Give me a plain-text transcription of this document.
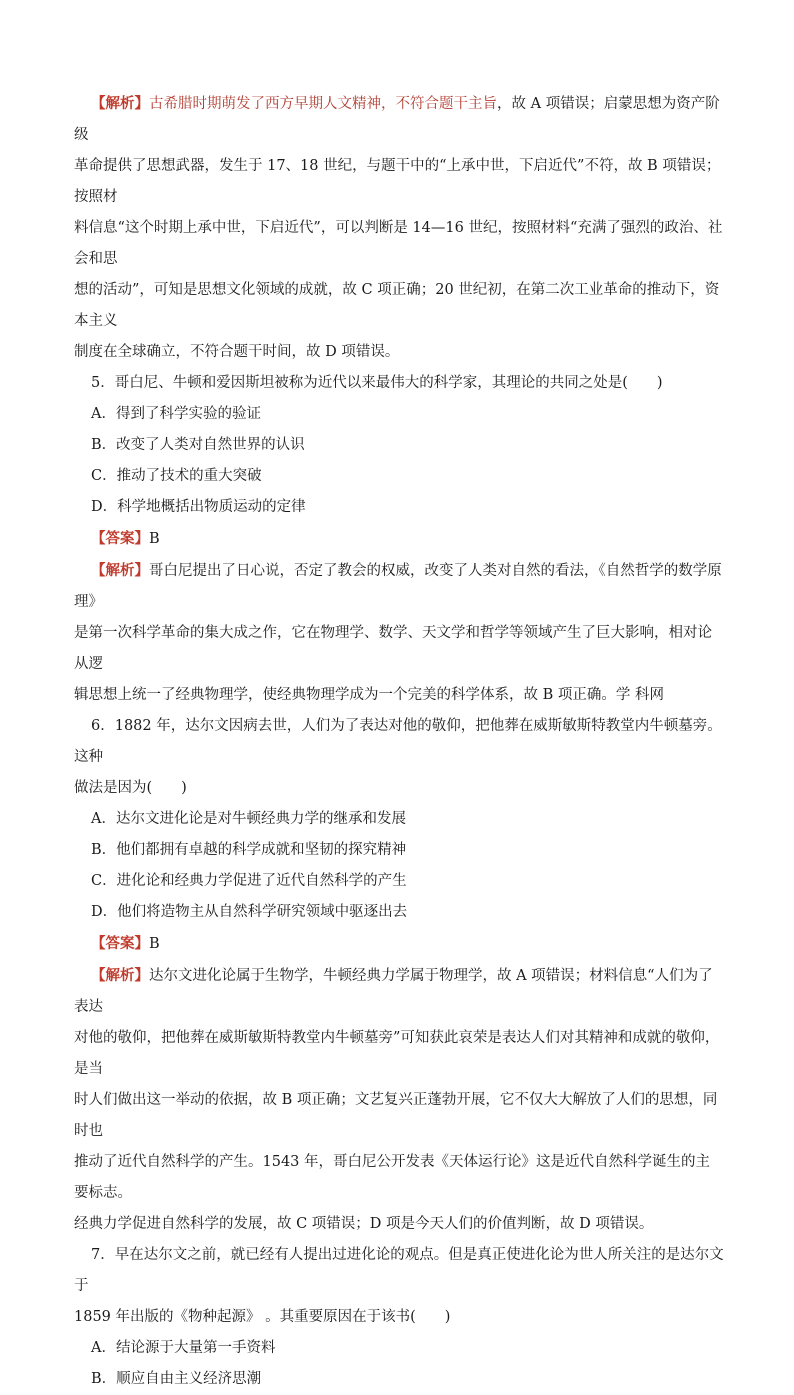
【解析】古希腊时期萌发了西方早期人文精神，不符合题干主旨，故 A 项错误；启蒙思想为资产阶级

革命提供了思想武器，发生于 17、18 世纪，与题干中的“上承中世，下启近代”不符，故 B 项错误；按照材

料信息“这个时期上承中世，下启近代”，可以判断是 14—16 世纪，按照材料“充满了强烈的政治、社会和思

想的活动”，可知是思想文化领域的成就，故 C 项正确；20 世纪初，在第二次工业革命的推动下，资本主义

制度在全球确立，不符合题干时间，故 D 项错误。

5．哥白尼、牛顿和爱因斯坦被称为近代以来最伟大的科学家，其理论的共同之处是(　　)

A．得到了科学实验的验证

B．改变了人类对自然世界的认识

C．推动了技术的重大突破

D．科学地概括出物质运动的定律

【答案】B

【解析】哥白尼提出了日心说，否定了教会的权威，改变了人类对自然的看法，《自然哲学的数学原理》

是第一次科学革命的集大成之作，它在物理学、数学、天文学和哲学等领域产生了巨大影响，相对论从逻

辑思想上统一了经典物理学，使经典物理学成为一个完美的科学体系，故 B 项正确。学 科网

6．1882 年，达尔文因病去世，人们为了表达对他的敬仰，把他葬在威斯敏斯特教堂内牛顿墓旁。这种

做法是因为(　　)

A．达尔文进化论是对牛顿经典力学的继承和发展

B．他们都拥有卓越的科学成就和坚韧的探究精神

C．进化论和经典力学促进了近代自然科学的产生

D．他们将造物主从自然科学研究领域中驱逐出去

【答案】B

【解析】达尔文进化论属于生物学，牛顿经典力学属于物理学，故 A 项错误；材料信息“人们为了表达

对他的敬仰，把他葬在威斯敏斯特教堂内牛顿墓旁”可知获此哀荣是表达人们对其精神和成就的敬仰，是当

时人们做出这一举动的依据，故 B 项正确；文艺复兴正蓬勃开展，它不仅大大解放了人们的思想，同时也

推动了近代自然科学的产生。1543 年，哥白尼公开发表《天体运行论》这是近代自然科学诞生的主要标志。

经典力学促进自然科学的发展，故 C 项错误；D 项是今天人们的价值判断，故 D 项错误。

7．早在达尔文之前，就已经有人提出过进化论的观点。但是真正使进化论为世人所关注的是达尔文于

1859 年出版的《物种起源》 。其重要原因在于该书(　　)

A．结论源于大量第一手资料

B．顺应自由主义经济思潮
